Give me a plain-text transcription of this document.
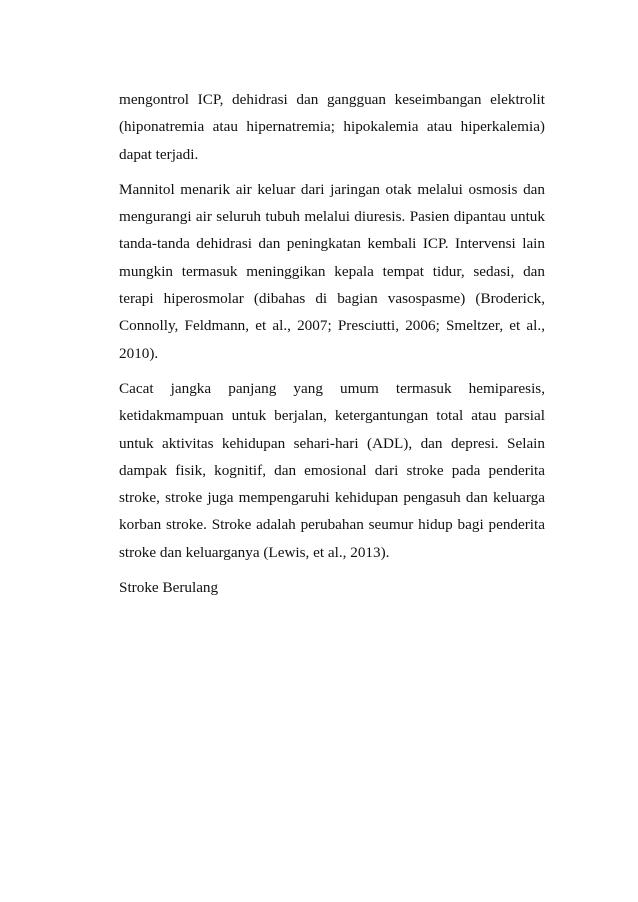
mengontrol ICP, dehidrasi dan gangguan keseimbangan elektrolit (hiponatremia atau hipernatremia; hipokalemia atau hiperkalemia) dapat terjadi.

Mannitol menarik air keluar dari jaringan otak melalui osmosis dan mengurangi air seluruh tubuh melalui diuresis. Pasien dipantau untuk tanda-tanda dehidrasi dan peningkatan kembali ICP. Intervensi lain mungkin termasuk meninggikan kepala tempat tidur, sedasi, dan terapi hiperosmolar (dibahas di bagian vasospasme) (Broderick, Connolly, Feldmann, et al., 2007; Presciutti, 2006; Smeltzer, et al., 2010).

Cacat jangka panjang yang umum termasuk hemiparesis, ketidakmampuan untuk berjalan, ketergantungan total atau parsial untuk aktivitas kehidupan sehari-hari (ADL), dan depresi. Selain dampak fisik, kognitif, dan emosional dari stroke pada penderita stroke, stroke juga mempengaruhi kehidupan pengasuh dan keluarga korban stroke. Stroke adalah perubahan seumur hidup bagi penderita stroke dan keluarganya (Lewis, et al., 2013).

Stroke Berulang
